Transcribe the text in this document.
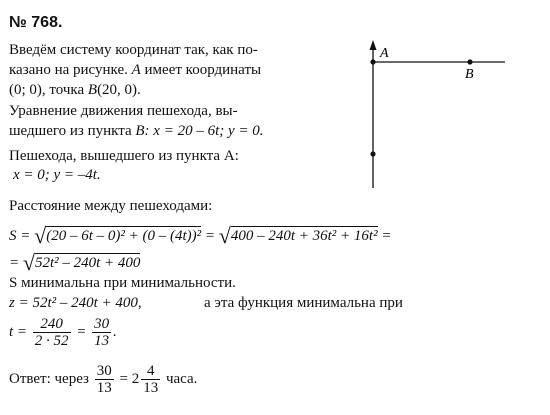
№ 768.
Введём систему координат так, как по-
казано на рисунке. A имеет координаты
(0; 0), точка B(20, 0).
Уравнение движения пешехода, вы-
шедшего из пункта B: x = 20 – 6t; y = 0.
Пешехода, вышедшего из пункта A:
x = 0; y = –4t.
A
B
Расстояние между пешеходами:
S = √(20 – 6t – 0)² + (0 – (4t))² = √400 – 240t + 36t² + 16t² =
= √52t² – 240t + 400
S минимальна при минимальности.
z = 52t² – 240t + 400,	а эта функция минимальна при
$t = \frac{240}{2 \cdot 52} = \frac{30}{13}$ .
Ответ: через $\frac{30}{13} = 2 \frac{4}{13}$ часа.
